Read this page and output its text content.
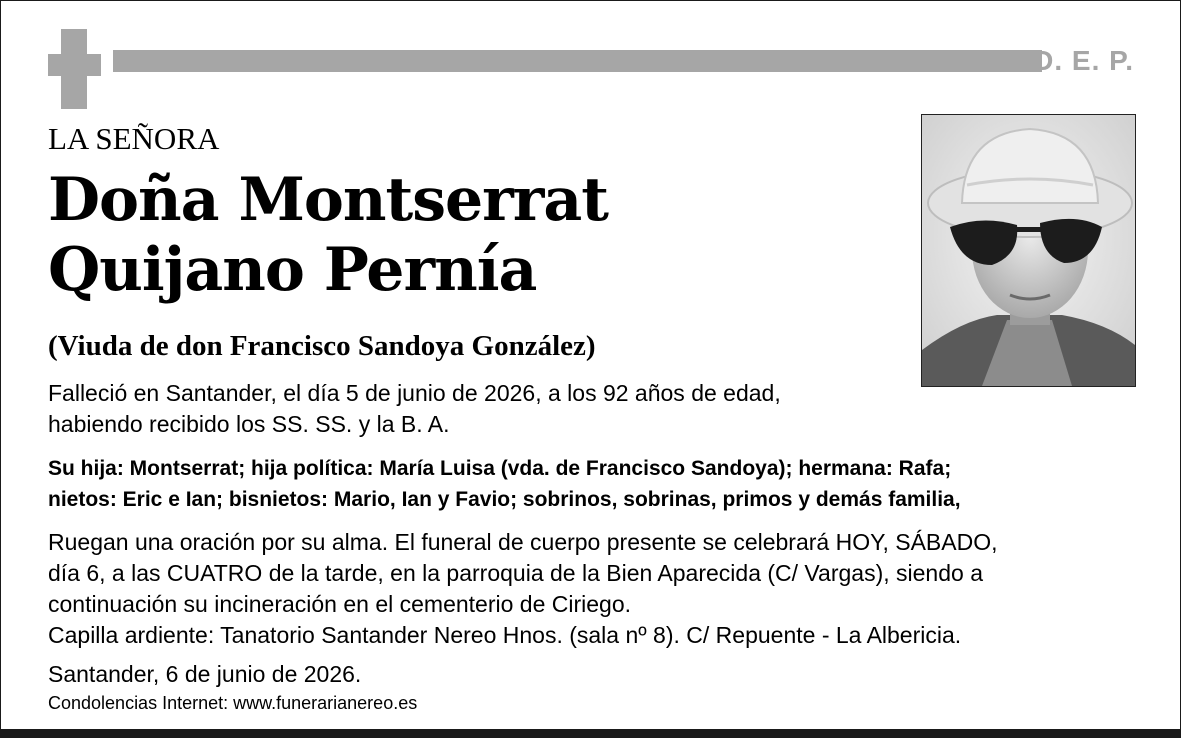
D. E. P.
LA SEÑORA
Doña Montserrat
Quijano Pernía
(Viuda de don Francisco Sandoya González)
Falleció en Santander, el día 5 de junio de 2026, a los 92 años de edad,
habiendo recibido los SS. SS. y la B. A.
Su hija: Montserrat; hija política: María Luisa (vda. de Francisco Sandoya); hermana: Rafa;
nietos: Eric e Ian; bisnietos: Mario, Ian y Favio; sobrinos, sobrinas, primos y demás familia,
Ruegan una oración por su alma. El funeral de cuerpo presente se celebrará HOY, SÁBADO,
día 6, a las CUATRO de la tarde, en la parroquia de la Bien Aparecida (C/ Vargas), siendo a
continuación su incineración en el cementerio de Ciriego.
Capilla ardiente: Tanatorio Santander Nereo Hnos. (sala nº 8). C/ Repuente - La Albericia.
Santander, 6 de junio de 2026.
Condolencias Internet: www.funerarianereo.es
